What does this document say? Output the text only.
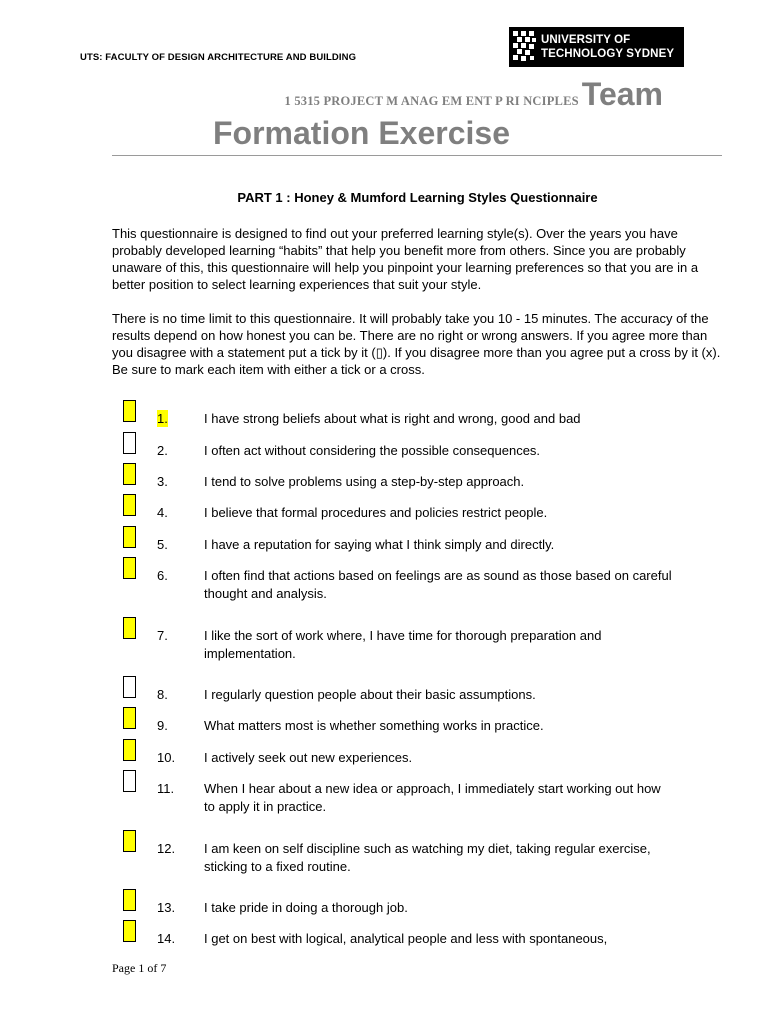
UTS: FACULTY OF DESIGN ARCHITECTURE AND BUILDING
UNIVERSITY OF
TECHNOLOGY SYDNEY
1 5315 PROJECT M ANAG EM ENT P RI NCIPLESTeam
Formation Exercise
PART 1 : Honey & Mumford Learning Styles Questionnaire
This questionnaire is designed to find out your preferred learning style(s). Over the years you have probably developed learning “habits” that help you benefit more from others. Since you are probably unaware of this, this questionnaire will help you pinpoint your learning preferences so that you are in a better position to select learning experiences that suit your style.
There is no time limit to this questionnaire. It will probably take you 10 - 15 minutes. The accuracy of the results depend on how honest you can be. There are no right or wrong answers. If you agree more than you disagree with a statement put a tick by it (▯). If you disagree more than you agree put a cross by it (x). Be sure to mark each item with either a tick or a cross.
1.	I have strong beliefs about what is right and wrong, good and bad
2.	I often act without considering the possible consequences.
3.	I tend to solve problems using a step-by-step approach.
4.	I believe that formal procedures and policies restrict people.
5.	I have a reputation for saying what I think simply and directly.
6.	I often find that actions based on feelings are as sound as those based on careful thought and analysis.
7.	I like the sort of work where, I have time for thorough preparation and implementation.
8.	I regularly question people about their basic assumptions.
9.	What matters most is whether something works in practice.
10. I actively seek out new experiences.
11. When I hear about a new idea or approach, I immediately start working out how to apply it in practice.
12. I am keen on self discipline such as watching my diet, taking regular exercise, sticking to a fixed routine.
13. I take pride in doing a thorough job.
14. I get on best with logical, analytical people and less with spontaneous,
Page 1 of 7
